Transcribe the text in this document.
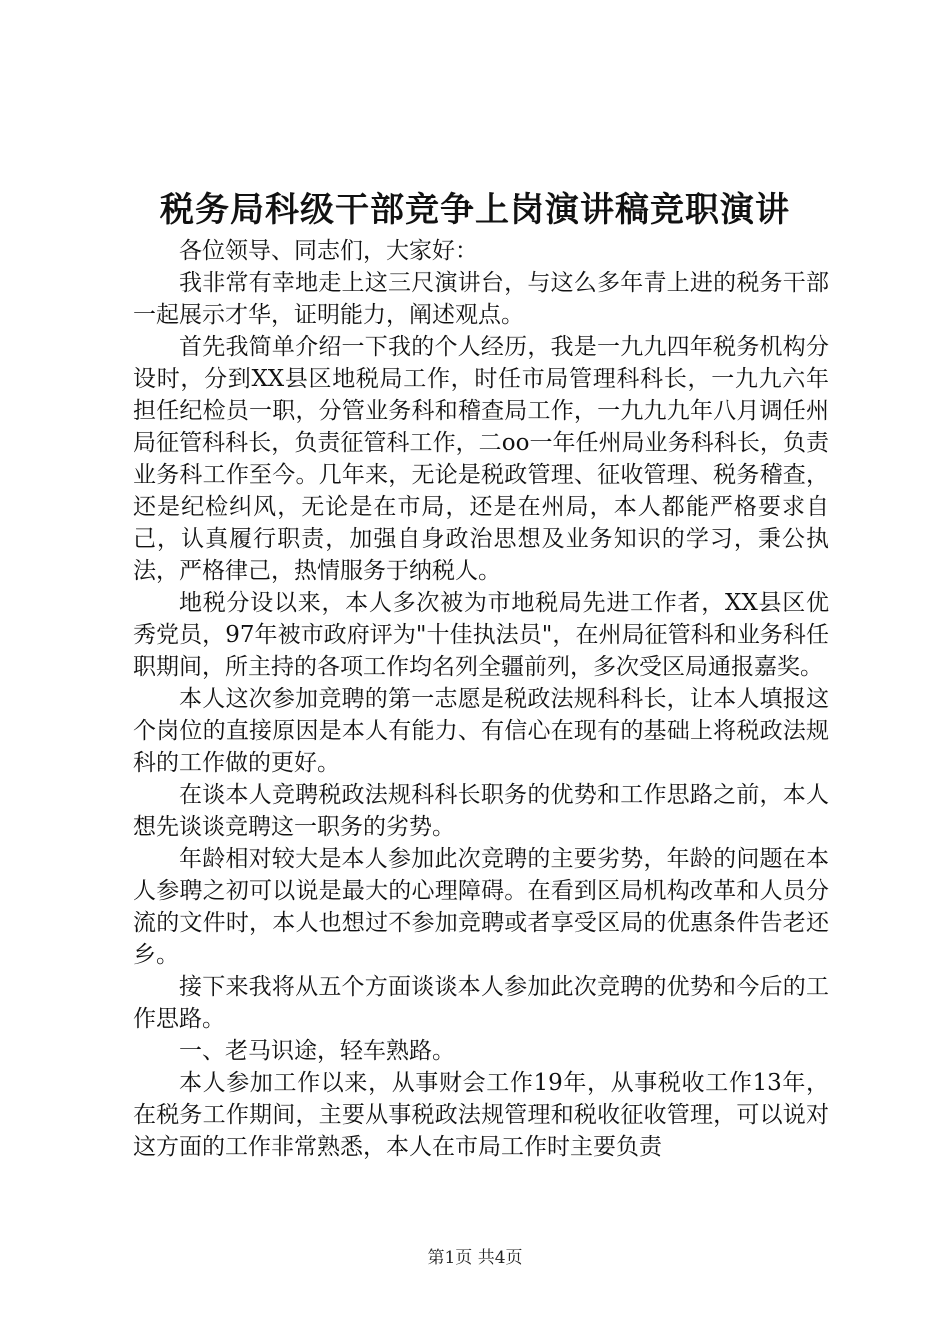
税务局科级干部竞争上岗演讲稿竞职演讲

各位领导、同志们，大家好：

我非常有幸地走上这三尺演讲台，与这么多年青上进的税务干部一起展示才华，证明能力，阐述观点。

首先我简单介绍一下我的个人经历，我是一九九四年税务机构分设时，分到XX县区地税局工作，时任市局管理科科长，一九九六年担任纪检员一职，分管业务科和稽查局工作，一九九九年八月调任州局征管科科长，负责征管科工作，二oo一年任州局业务科科长，负责业务科工作至今。几年来，无论是税政管理、征收管理、税务稽查，还是纪检纠风，无论是在市局，还是在州局，本人都能严格要求自己，认真履行职责，加强自身政治思想及业务知识的学习，秉公执法，严格律己，热情服务于纳税人。

地税分设以来，本人多次被为市地税局先进工作者，XX县区优秀党员，97年被市政府评为"十佳执法员"，在州局征管科和业务科任职期间，所主持的各项工作均名列全疆前列，多次受区局通报嘉奖。

本人这次参加竞聘的第一志愿是税政法规科科长，让本人填报这个岗位的直接原因是本人有能力、有信心在现有的基础上将税政法规科的工作做的更好。

在谈本人竞聘税政法规科科长职务的优势和工作思路之前，本人想先谈谈竞聘这一职务的劣势。

年龄相对较大是本人参加此次竞聘的主要劣势，年龄的问题在本人参聘之初可以说是最大的心理障碍。在看到区局机构改革和人员分流的文件时，本人也想过不参加竞聘或者享受区局的优惠条件告老还乡。

接下来我将从五个方面谈谈本人参加此次竞聘的优势和今后的工作思路。

一、老马识途，轻车熟路。

本人参加工作以来，从事财会工作19年，从事税收工作13年，在税务工作期间，主要从事税政法规管理和税收征收管理，可以说对这方面的工作非常熟悉，本人在市局工作时主要负责

第1页 共4页
